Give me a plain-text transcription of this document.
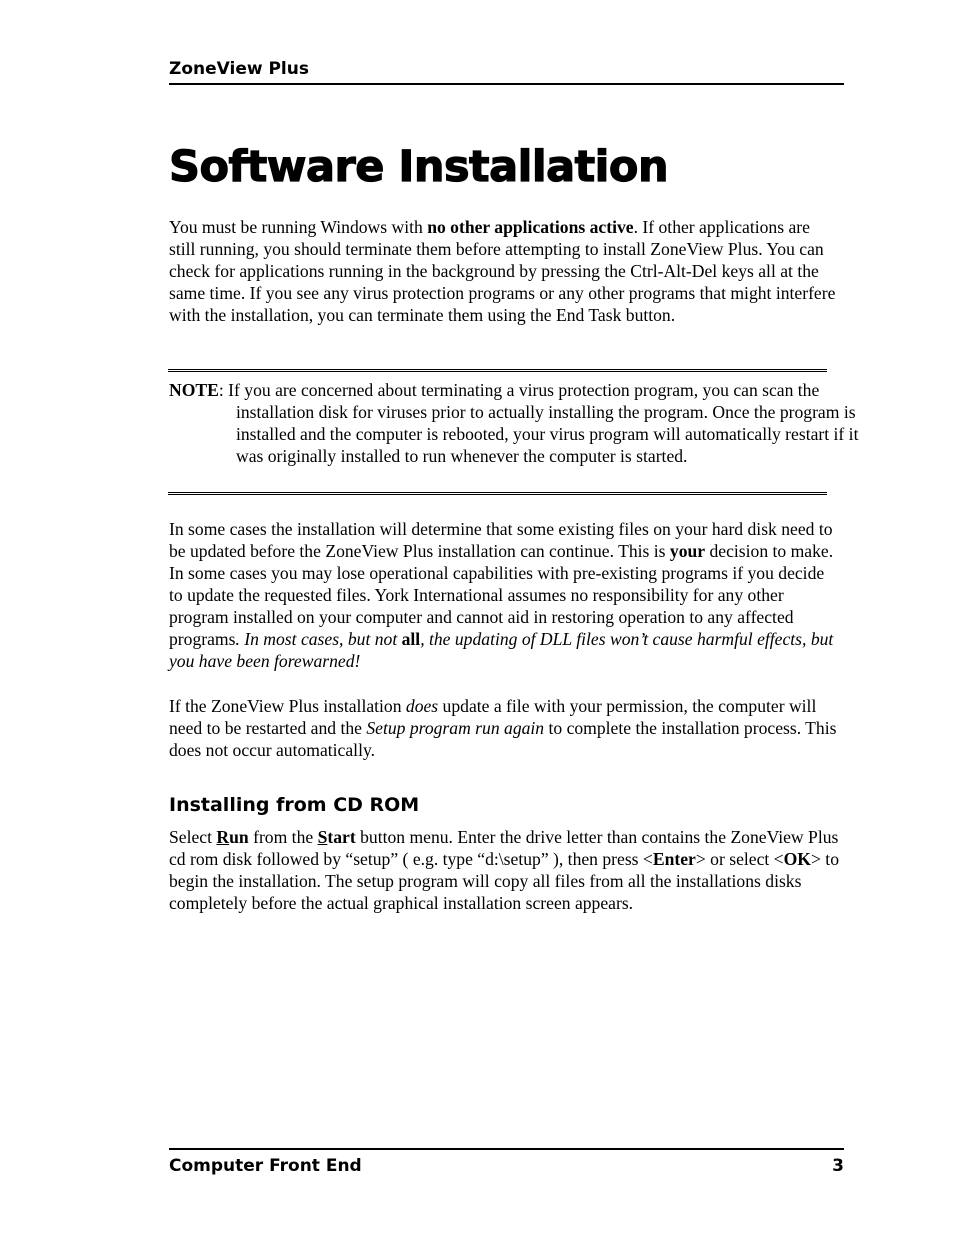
ZoneView Plus
Software Installation

You must be running Windows with no other applications active. If other applications are still running, you should terminate them before attempting to install ZoneView Plus. You can check for applications running in the background by pressing the Ctrl-Alt-Del keys all at the same time. If you see any virus protection programs or any other programs that might interfere with the installation, you can terminate them using the End Task button.

NOTE: If you are concerned about terminating a virus protection program, you can scan the installation disk for viruses prior to actually installing the program. Once the program is installed and the computer is rebooted, your virus program will automatically restart if it was originally installed to run whenever the computer is started.

In some cases the installation will determine that some existing files on your hard disk need to be updated before the ZoneView Plus installation can continue. This is your decision to make. In some cases you may lose operational capabilities with pre-existing programs if you decide to update the requested files. York International assumes no responsibility for any other program installed on your computer and cannot aid in restoring operation to any affected programs. In most cases, but not all, the updating of DLL files won’t cause harmful effects, but you have been forewarned!

If the ZoneView Plus installation does update a file with your permission, the computer will need to be restarted and the Setup program run again to complete the installation process. This does not occur automatically.

Installing from CD ROM

Select Run from the Start button menu. Enter the drive letter than contains the ZoneView Plus cd rom disk followed by “setup” ( e.g. type “d:\setup” ), then press <Enter> or select <OK> to begin the installation. The setup program will copy all files from all the installations disks completely before the actual graphical installation screen appears.

Computer Front End	3
